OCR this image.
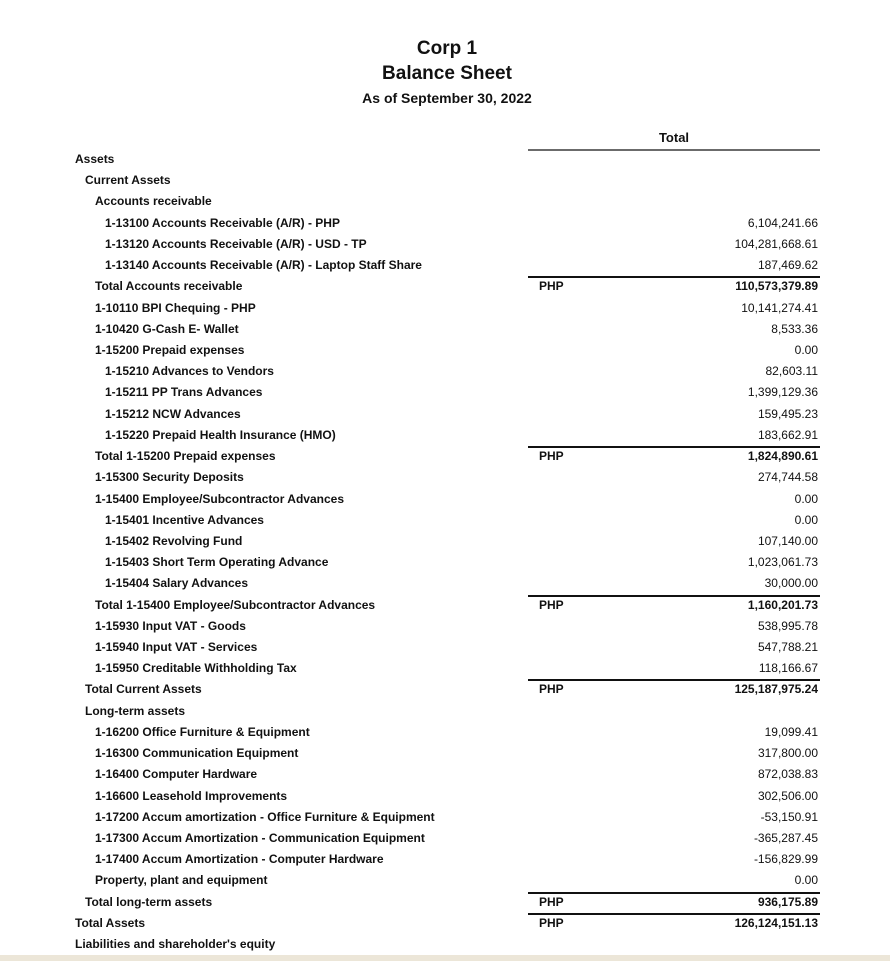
Corp 1
Balance Sheet
As of September 30, 2022
Total
Assets
Current Assets
Accounts receivable
1-13100 Accounts Receivable (A/R) - PHP	6,104,241.66
1-13120 Accounts Receivable (A/R) - USD - TP	104,281,668.61
1-13140 Accounts Receivable (A/R) - Laptop Staff Share	187,469.62
Total Accounts receivable	PHP	110,573,379.89
1-10110 BPI Chequing - PHP	10,141,274.41
1-10420 G-Cash E- Wallet	8,533.36
1-15200 Prepaid expenses	0.00
1-15210 Advances to Vendors	82,603.11
1-15211 PP Trans Advances	1,399,129.36
1-15212 NCW Advances	159,495.23
1-15220 Prepaid Health Insurance (HMO)	183,662.91
Total 1-15200 Prepaid expenses	PHP	1,824,890.61
1-15300 Security Deposits	274,744.58
1-15400 Employee/Subcontractor Advances	0.00
1-15401 Incentive Advances	0.00
1-15402 Revolving Fund	107,140.00
1-15403 Short Term Operating Advance	1,023,061.73
1-15404 Salary Advances	30,000.00
Total 1-15400 Employee/Subcontractor Advances	PHP	1,160,201.73
1-15930 Input VAT - Goods	538,995.78
1-15940 Input VAT - Services	547,788.21
1-15950 Creditable Withholding Tax	118,166.67
Total Current Assets	PHP	125,187,975.24
Long-term assets
1-16200 Office Furniture & Equipment	19,099.41
1-16300 Communication Equipment	317,800.00
1-16400 Computer Hardware	872,038.83
1-16600 Leasehold Improvements	302,506.00
1-17200 Accum amortization - Office Furniture & Equipment	-53,150.91
1-17300 Accum Amortization - Communication Equipment	-365,287.45
1-17400 Accum Amortization - Computer Hardware	-156,829.99
Property, plant and equipment	0.00
Total long-term assets	PHP	936,175.89
Total Assets	PHP	126,124,151.13
Liabilities and shareholder's equity
